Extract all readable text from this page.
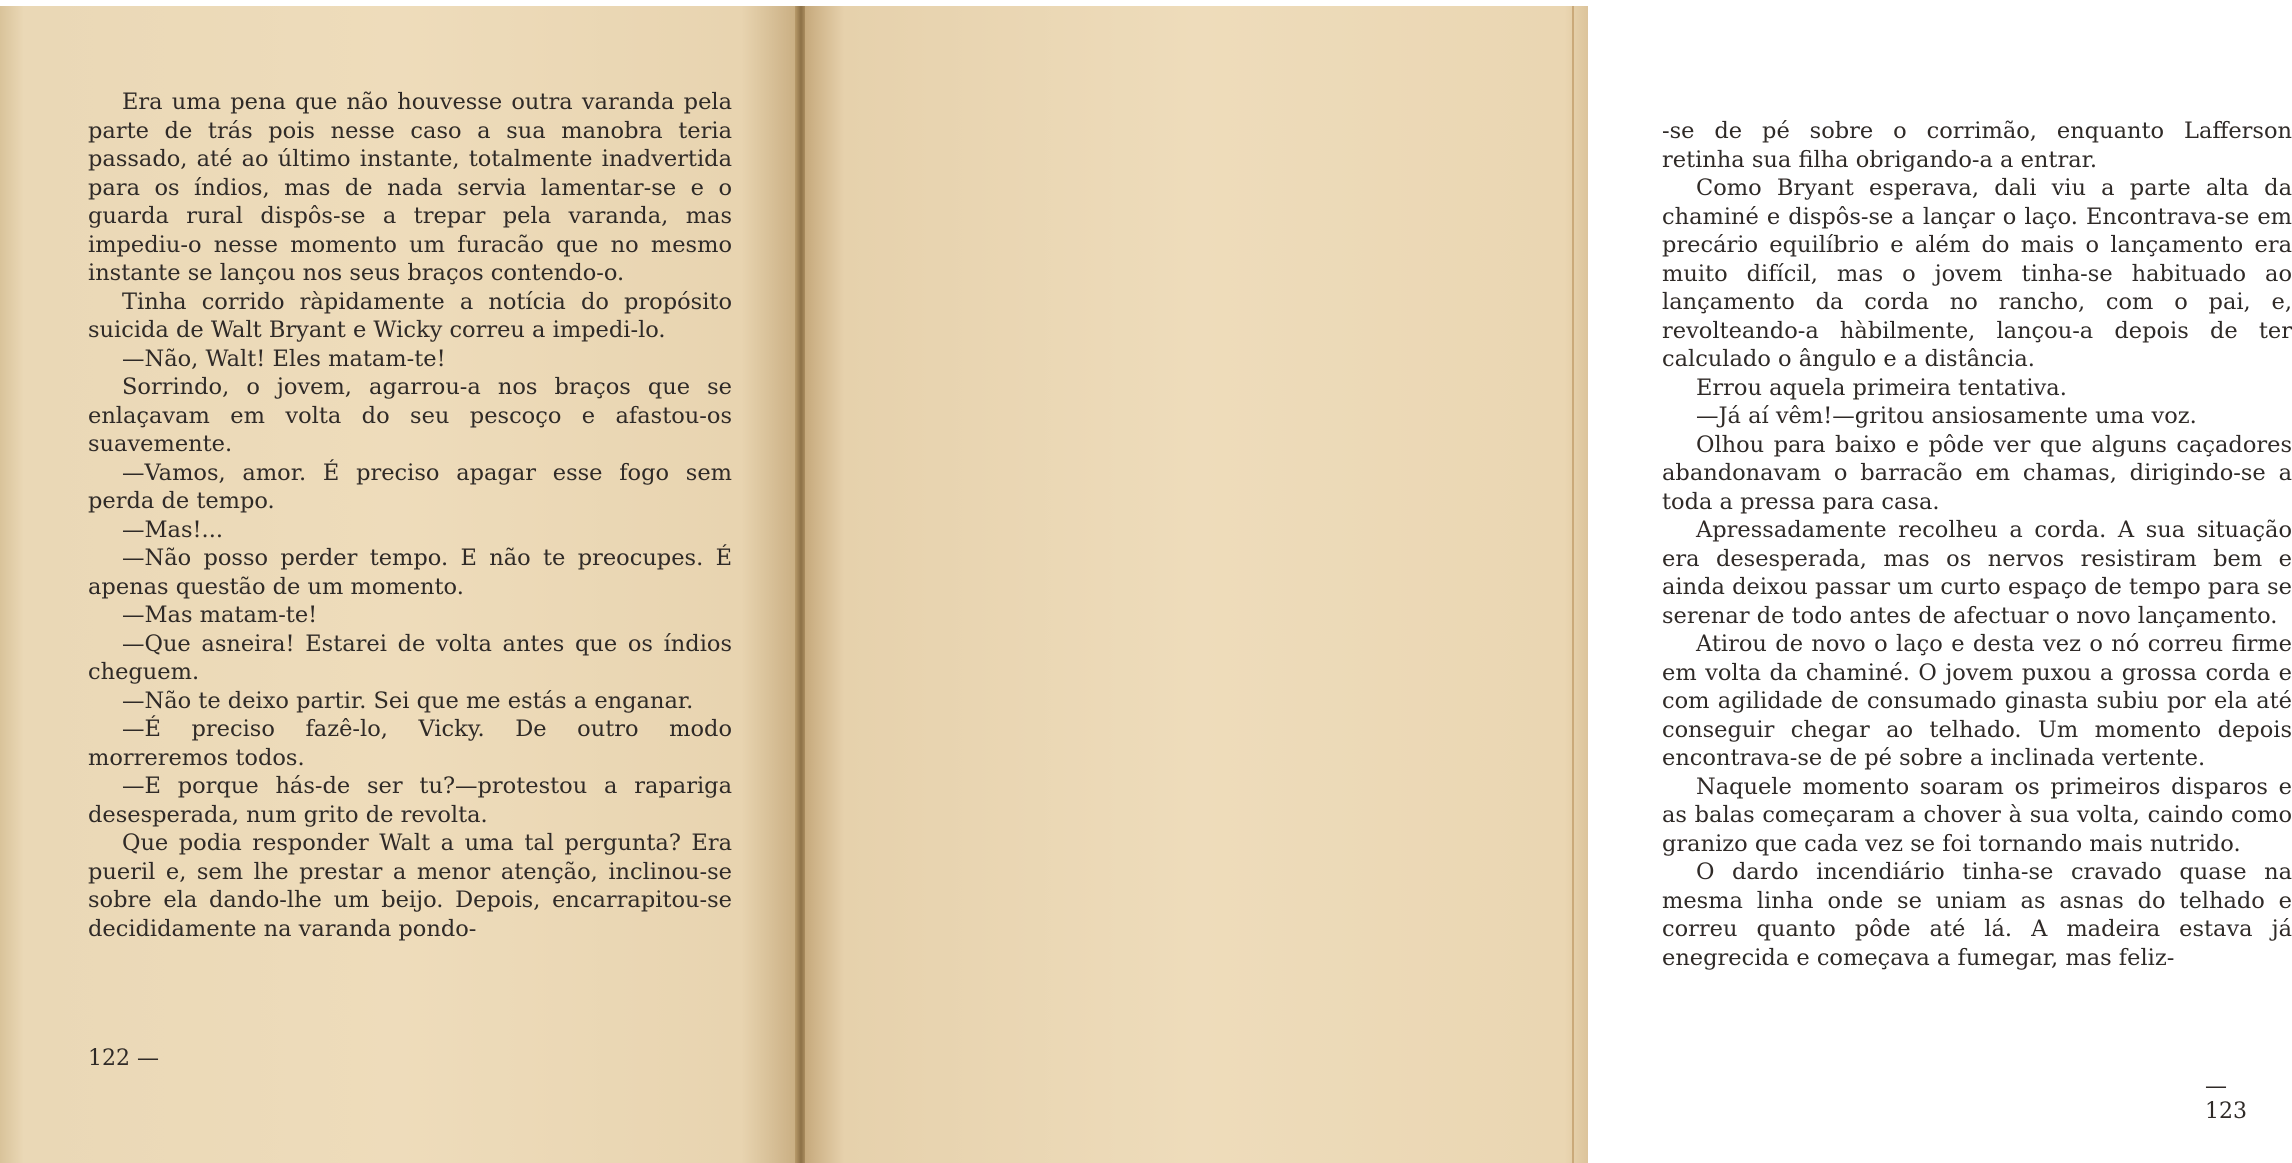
Era uma pena que não houvesse outra varanda pela parte de trás pois nesse caso a sua manobra teria passado, até ao último instante, totalmente inadvertida para os índios, mas de nada servia lamentar-se e o guarda rural dispôs-se a trepar pela varanda, mas impediu-o nesse momento um furacão que no mesmo instante se lançou nos seus braços contendo-o.

Tinha corrido ràpidamente a notícia do propósito suicida de Walt Bryant e Wicky correu a impedi-lo.

—Não, Walt! Eles matam-te!

Sorrindo, o jovem, agarrou-a nos braços que se enlaçavam em volta do seu pescoço e afastou-os suavemente.

—Vamos, amor. É preciso apagar esse fogo sem perda de tempo.

—Mas!...

—Não posso perder tempo. E não te preocupes. É apenas questão de um momento.

—Mas matam-te!

—Que asneira! Estarei de volta antes que os índios cheguem.

—Não te deixo partir. Sei que me estás a enganar.

—É preciso fazê-lo, Vicky. De outro modo morreremos todos.

—E porque hás-de ser tu?—protestou a rapariga desesperada, num grito de revolta.

Que podia responder Walt a uma tal pergunta? Era pueril e, sem lhe prestar a menor atenção, inclinou-se sobre ela dando-lhe um beijo. Depois, encarrapitou-se decididamente na varanda pondo-

122 —

-se de pé sobre o corrimão, enquanto Lafferson retinha sua filha obrigando-a a entrar.

Como Bryant esperava, dali viu a parte alta da chaminé e dispôs-se a lançar o laço. Encontrava-se em precário equilíbrio e além do mais o lançamento era muito difícil, mas o jovem tinha-se habituado ao lançamento da corda no rancho, com o pai, e, revolteando-a hàbilmente, lançou-a depois de ter calculado o ângulo e a distância.

Errou aquela primeira tentativa.

—Já aí vêm!—gritou ansiosamente uma voz.

Olhou para baixo e pôde ver que alguns caçadores abandonavam o barracão em chamas, dirigindo-se a toda a pressa para casa.

Apressadamente recolheu a corda. A sua situação era desesperada, mas os nervos resistiram bem e ainda deixou passar um curto espaço de tempo para se serenar de todo antes de afectuar o novo lançamento.

Atirou de novo o laço e desta vez o nó correu firme em volta da chaminé. O jovem puxou a grossa corda e com agilidade de consumado ginasta subiu por ela até conseguir chegar ao telhado. Um momento depois encontrava-se de pé sobre a inclinada vertente.

Naquele momento soaram os primeiros disparos e as balas começaram a chover à sua volta, caindo como granizo que cada vez se foi tornando mais nutrido.

O dardo incendiário tinha-se cravado quase na mesma linha onde se uniam as asnas do telhado e correu quanto pôde até lá. A madeira estava já enegrecida e começava a fumegar, mas feliz-

— 123
